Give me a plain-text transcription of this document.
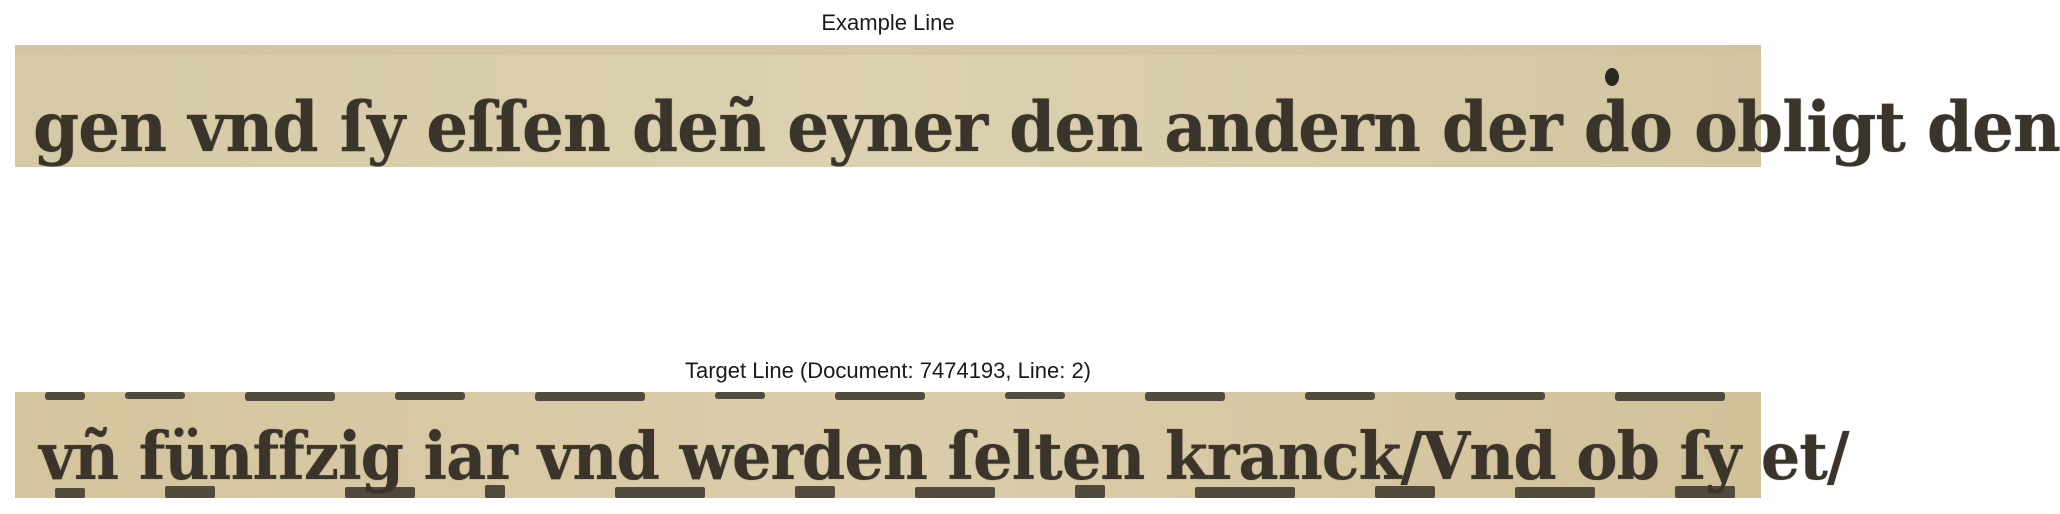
Example Line
gen vnd ſy eſſen deñ eyner den andern der do obligt den
Target Line (Document: 7474193, Line: 2)
vñ fünffzig iar vnd werden ſelten kranck/Vnd ob ſy et/
